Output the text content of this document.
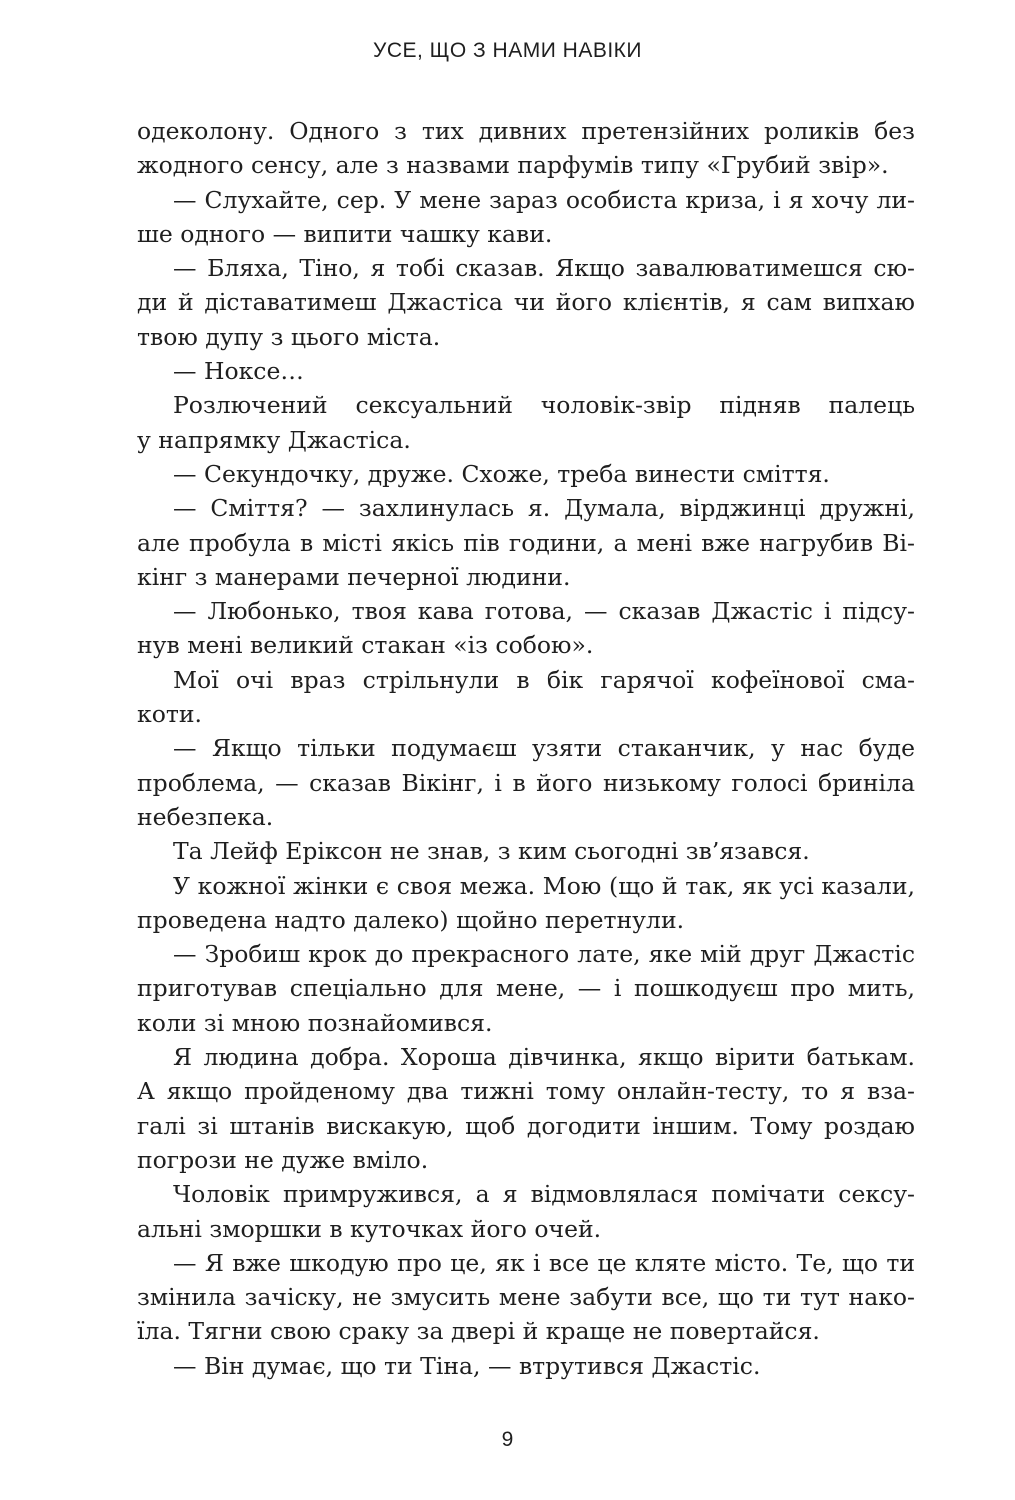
УСЕ, ЩО З НАМИ НАВІКИ
одеколону. Одного з тих дивних претензійних роликів без
жодного сенсу, але з назвами парфумів типу «Грубий звір».
— Слухайте, сер. У мене зараз особиста криза, і я хочу ли-
ше одного — випити чашку кави.
— Бляха, Тіно, я тобі сказав. Якщо завалюватимешся сю-
ди й діставатимеш Джастіса чи його клієнтів, я сам випхаю
твою дупу з цього міста.
— Ноксе…
Розлючений сексуальний чоловік-звір підняв палець
у напрямку Джастіса.
— Секундочку, друже. Схоже, треба винести сміття.
— Сміття? — захлинулась я. Думала, вірджинці дружні,
але пробула в місті якісь пів години, а мені вже нагрубив Ві-
кінг з манерами печерної людини.
— Любонько, твоя кава готова, — сказав Джастіс і підсу-
нув мені великий стакан «із собою».
Мої очі враз стрільнули в бік гарячої кофеїнової сма-
коти.
— Якщо тільки подумаєш узяти стаканчик, у нас буде
проблема, — сказав Вікінг, і в його низькому голосі бриніла
небезпека.
Та Лейф Еріксон не знав, з ким сьогодні зв’язався.
У кожної жінки є своя межа. Мою (що й так, як усі казали,
проведена надто далеко) щойно перетнули.
— Зробиш крок до прекрасного лате, яке мій друг Джастіс
приготував спеціально для мене, — і пошкодуєш про мить,
коли зі мною познайомився.
Я людина добра. Хороша дівчинка, якщо вірити батькам.
А якщо пройденому два тижні тому онлайн-тесту, то я вза-
галі зі штанів вискакую, щоб догодити іншим. Тому роздаю
погрози не дуже вміло.
Чоловік примружився, а я відмовлялася помічати сексу-
альні зморшки в куточках його очей.
— Я вже шкодую про це, як і все це кляте місто. Те, що ти
змінила зачіску, не змусить мене забути все, що ти тут нако-
їла. Тягни свою сраку за двері й краще не повертайся.
— Він думає, що ти Тіна, — втрутився Джастіс.
9
